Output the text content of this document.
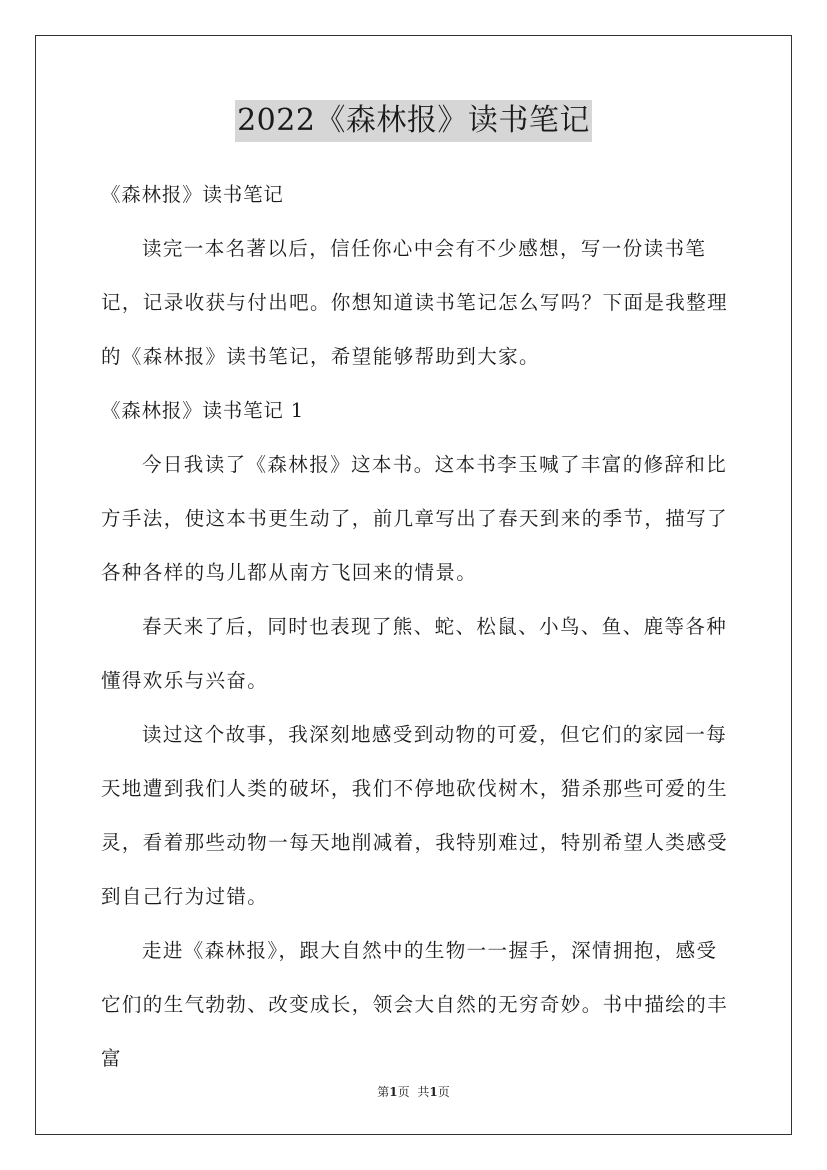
2022《森林报》读书笔记

《森林报》读书笔记

读完一本名著以后，信任你心中会有不少感想，写一份读书笔记，记录收获与付出吧。你想知道读书笔记怎么写吗？下面是我整理的《森林报》读书笔记，希望能够帮助到大家。

《森林报》读书笔记 1

今日我读了《森林报》这本书。这本书李玉喊了丰富的修辞和比方手法，使这本书更生动了，前几章写出了春天到来的季节，描写了各种各样的鸟儿都从南方飞回来的情景。

春天来了后，同时也表现了熊、蛇、松鼠、小鸟、鱼、鹿等各种懂得欢乐与兴奋。

读过这个故事，我深刻地感受到动物的可爱，但它们的家园一每天地遭到我们人类的破坏，我们不停地砍伐树木，猎杀那些可爱的生灵，看着那些动物一每天地削减着，我特别难过，特别希望人类感受到自己行为过错。

走进《森林报》，跟大自然中的生物一一握手，深情拥抱，感受它们的生气勃勃、改变成长，领会大自然的无穷奇妙。书中描绘的丰富

第1页 共1页
